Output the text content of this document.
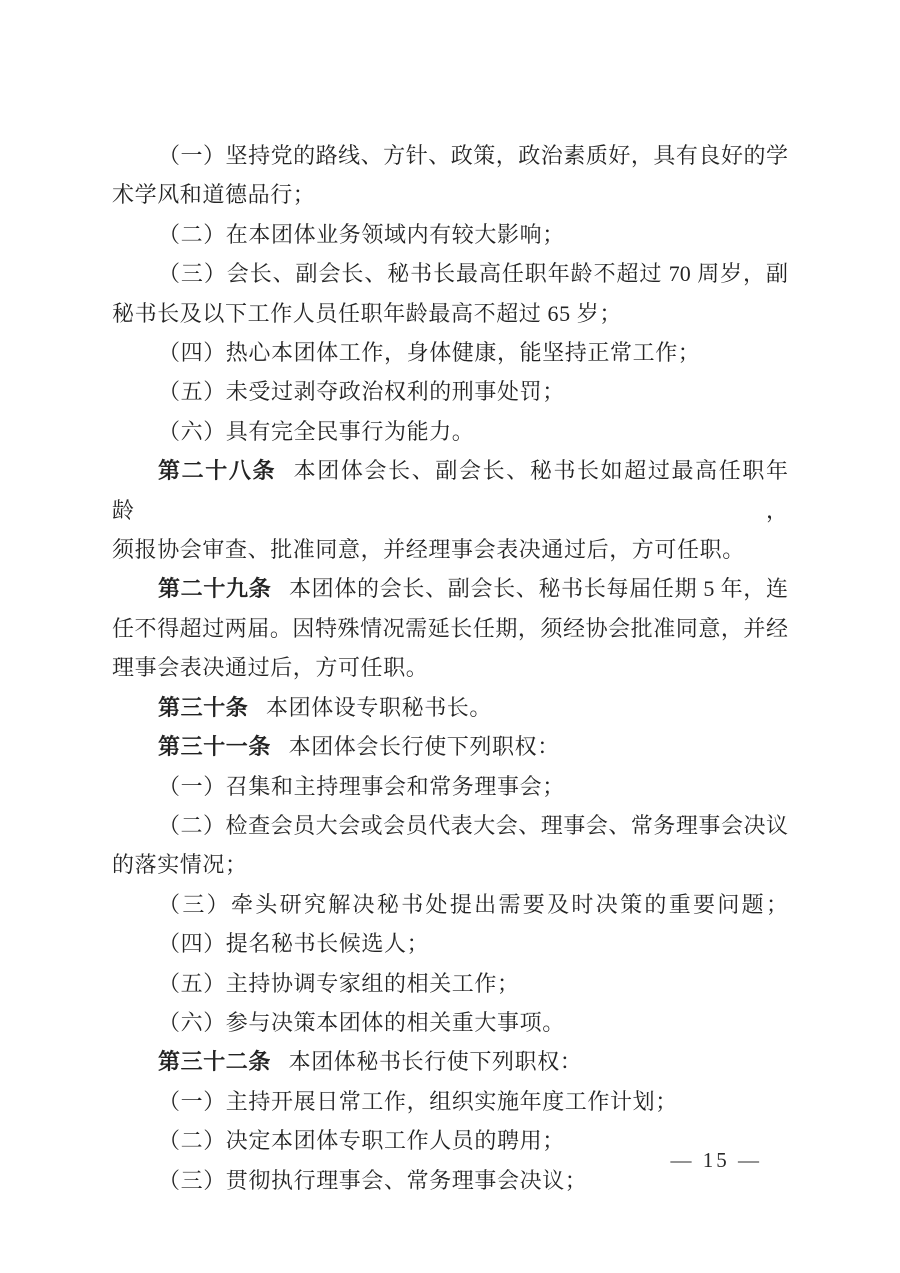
（一）坚持党的路线、方针、政策，政治素质好，具有良好的学
术学风和道德品行；
（二）在本团体业务领域内有较大影响；
（三）会长、副会长、秘书长最高任职年龄不超过 70 周岁，副
秘书长及以下工作人员任职年龄最高不超过 65 岁；
（四）热心本团体工作，身体健康，能坚持正常工作；
（五）未受过剥夺政治权利的刑事处罚；
（六）具有完全民事行为能力。
第二十八条 本团体会长、副会长、秘书长如超过最高任职年龄，
须报协会审查、批准同意，并经理事会表决通过后，方可任职。
第二十九条 本团体的会长、副会长、秘书长每届任期 5 年，连
任不得超过两届。因特殊情况需延长任期，须经协会批准同意，并经
理事会表决通过后，方可任职。
第三十条 本团体设专职秘书长。
第三十一条 本团体会长行使下列职权：
（一）召集和主持理事会和常务理事会；
（二）检查会员大会或会员代表大会、理事会、常务理事会决议
的落实情况；
（三）牵头研究解决秘书处提出需要及时决策的重要问题；
（四）提名秘书长候选人；
（五）主持协调专家组的相关工作；
（六）参与决策本团体的相关重大事项。
第三十二条 本团体秘书长行使下列职权：
（一）主持开展日常工作，组织实施年度工作计划；
（二）决定本团体专职工作人员的聘用；
（三）贯彻执行理事会、常务理事会决议；
— 15 —
